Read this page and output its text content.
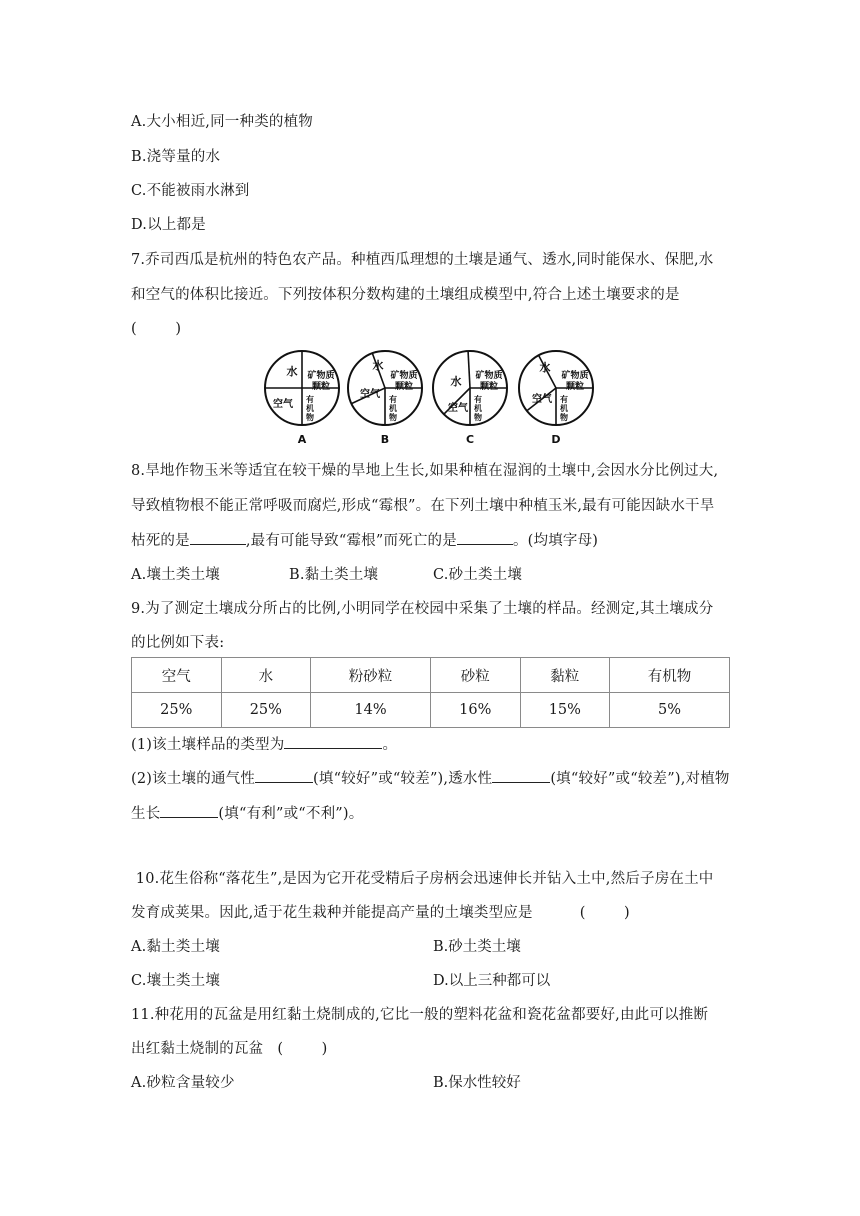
A.大小相近,同一种类的植物
B.浇等量的水
C.不能被雨水淋到
D.以上都是
7.乔司西瓜是杭州的特色农产品。种植西瓜理想的土壤是通气、透水,同时能保水、保肥,水
和空气的体积比接近。下列按体积分数构建的土壤组成模型中,符合上述土壤要求的是
(        )
水
空气
矿物质
颗粒
有
机
物
A
水
空气
矿物质
颗粒
有
机
物
B
水
空气
矿物质
颗粒
有
机
物
C
水
空气
矿物质
颗粒
有
机
物
D
8.旱地作物玉米等适宜在较干燥的旱地上生长,如果种植在湿润的土壤中,会因水分比例过大,
导致植物根不能正常呼吸而腐烂,形成“霉根”。在下列土壤中种植玉米,最有可能因缺水干旱
枯死的是	,最有可能导致“霉根”而死亡的是	。(均填字母)
A.壤土类土壤	B.黏土类土壤	C.砂土类土壤
9.为了测定土壤成分所占的比例,小明同学在校园中采集了土壤的样品。经测定,其土壤成分
的比例如下表:
空气	水	粉砂粒	砂粒	黏粒	有机物
25%	25%	14%	16%	15%	5%
(1)该土壤样品的类型为	。
(2)该土壤的通气性	(填“较好”或“较差”),透水性	(填“较好”或“较差”),对植物
生长	(填“有利”或“不利”)。
10.花生俗称“落花生”,是因为它开花受精后子房柄会迅速伸长并钻入土中,然后子房在土中
发育成荚果。因此,适于花生栽种并能提高产量的土壤类型应是	(        )
A.黏土类土壤	B.砂土类土壤
C.壤土类土壤	D.以上三种都可以
11.种花用的瓦盆是用红黏土烧制成的,它比一般的塑料花盆和瓷花盆都要好,由此可以推断
出红黏土烧制的瓦盆 (        )
A.砂粒含量较少	B.保水性较好
